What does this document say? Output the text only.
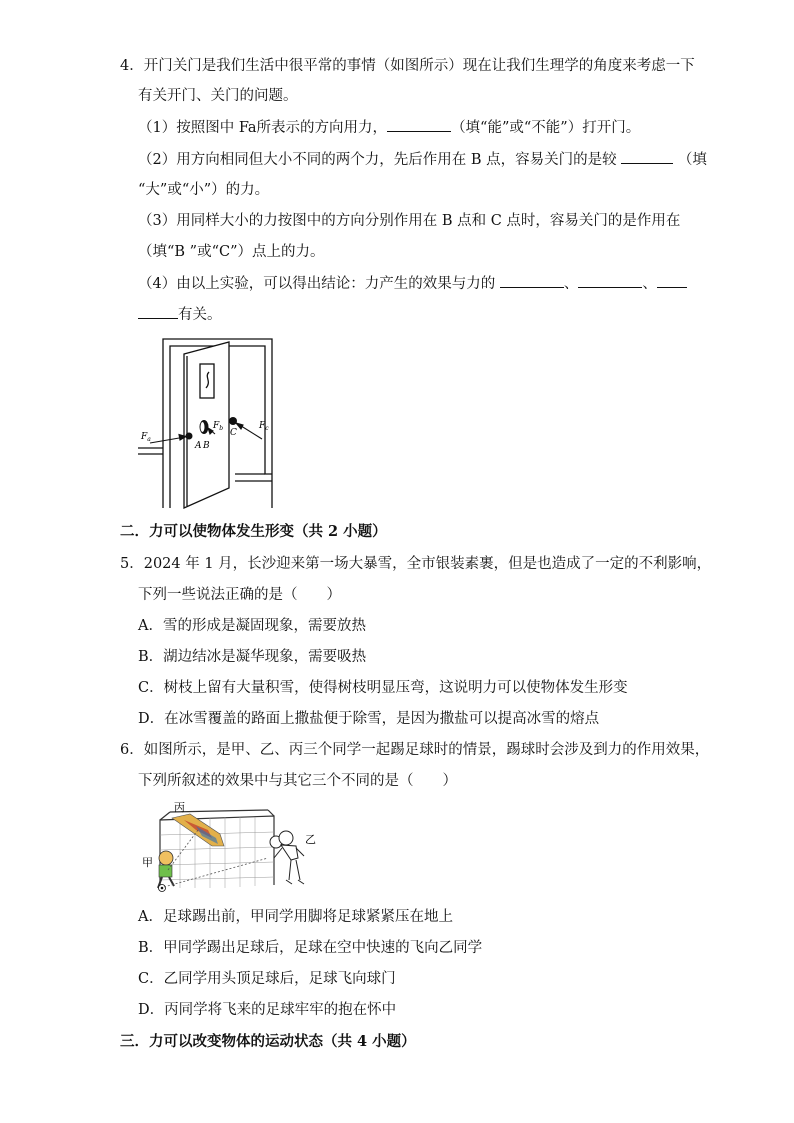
4．开门关门是我们生活中很平常的事情（如图所示）现在让我们生理学的角度来考虑一下
有关开门、关门的问题。
（1）按照图中 Fa所表示的方向用力，	（填“能”或“不能”）打开门。
（2）用方向相同但大小不同的两个力，先后作用在 B 点，容易关门的是较	（填
“大”或“小”）的力。
（3）用同样大小的力按图中的方向分别作用在 B 点和 C 点时，容易关门的是作用在
（填“B ”或“C”）点上的力。
（4）由以上实验，可以得出结论：力产生的效果与力的	、	、
有关。
$F_a$
$F_b$	$F_c$
A B
C
二．力可以使物体发生形变（共 2 小题）
5．2024 年 1 月，长沙迎来第一场大暴雪，全市银装素裹，但是也造成了一定的不利影响，
下列一些说法正确的是（　　）
A．雪的形成是凝固现象，需要放热
B．湖边结冰是凝华现象，需要吸热
C．树枝上留有大量积雪，使得树枝明显压弯，这说明力可以使物体发生形变
D．在冰雪覆盖的路面上撒盐便于除雪，是因为撒盐可以提高冰雪的熔点
6．如图所示，是甲、乙、丙三个同学一起踢足球时的情景，踢球时会涉及到力的作用效果，
下列所叙述的效果中与其它三个不同的是（　　）
甲
乙
丙
A．足球踢出前，甲同学用脚将足球紧紧压在地上
B．甲同学踢出足球后，足球在空中快速的飞向乙同学
C．乙同学用头顶足球后，足球飞向球门
D．丙同学将飞来的足球牢牢的抱在怀中
三．力可以改变物体的运动状态（共 4 小题）
